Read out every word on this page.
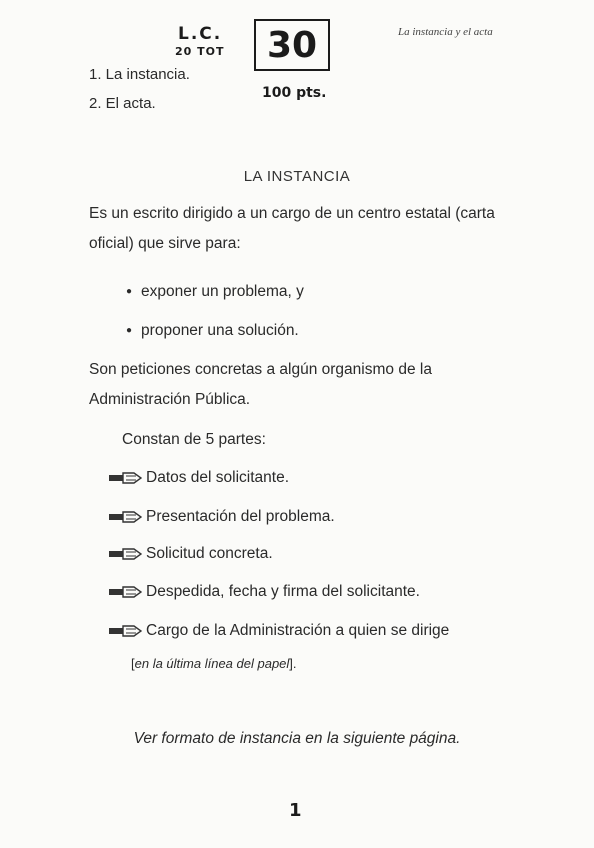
La instancia y el acta
L.C.
20 TOT	30
100 pts.
1. La instancia.
2. El acta.
LA INSTANCIA
Es un escrito dirigido a un cargo de un centro estatal (carta oficial) que sirve para:
● exponer un problema, y
● proponer una solución.
Son peticiones concretas a algún organismo de la Administración Pública.
Constan de 5 partes:
Datos del solicitante.
Presentación del problema.
Solicitud concreta.
Despedida, fecha y firma del solicitante.
Cargo de la Administración a quien se dirige
[en la última línea del papel].
Ver formato de instancia en la siguiente página.
1
